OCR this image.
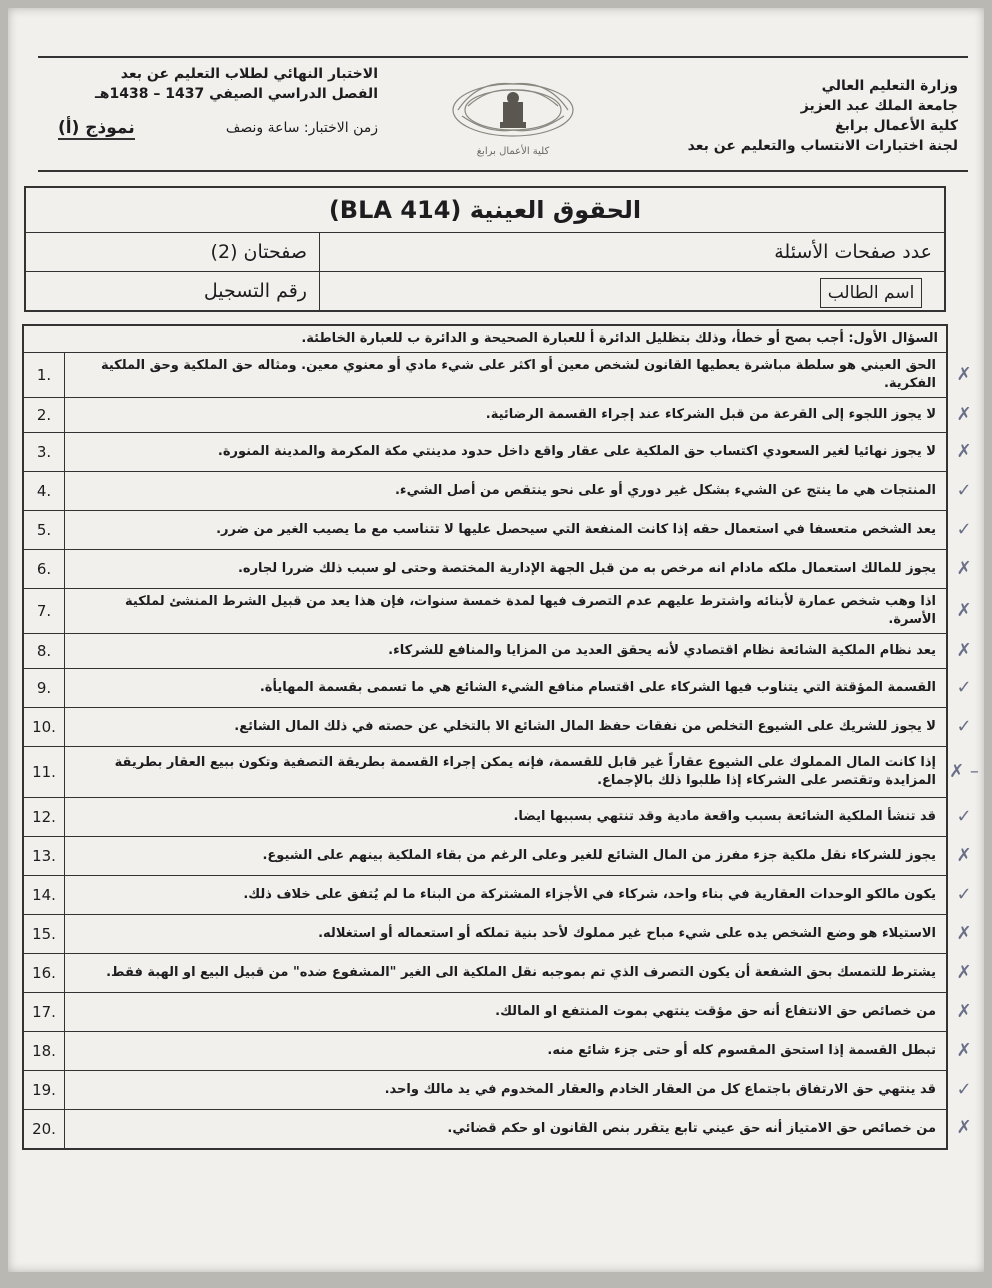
وزارة التعليم العالي
جامعة الملك عبد العزيز
كلية الأعمال برابغ
لجنة اختبارات الانتساب والتعليم عن بعد
كلية الأعمال برابغ
الاختبار النهائي لطلاب التعليم عن بعد
الفصل الدراسي الصيفي 1437 – 1438هـ
زمن الاختبار: ساعة ونصف
نموذج (أ)
الحقوق العينية (BLA 414)
عدد صفحات الأسئلة
صفحتان (2)
اسم الطالب
رقم التسجيل
السؤال الأول: أجب بصح أو خطأ، وذلك بتظليل الدائرة أ للعبارة الصحيحة و الدائرة ب للعبارة الخاطئة.
الحق العيني هو سلطة مباشرة يعطيها القانون لشخص معين أو اكثر على شيء مادي أو معنوي معين. ومثاله حق الملكية وحق الملكية الفكرية.
.1
لا يجوز اللجوء إلى القرعة من قبل الشركاء عند إجراء القسمة الرضائية.
.2
لا يجوز نهائيا لغير السعودي اكتساب حق الملكية على عقار واقع داخل حدود مدينتي مكة المكرمة والمدينة المنورة.
.3
المنتجات هي ما ينتج عن الشيء بشكل غير دوري أو على نحو ينتقص من أصل الشيء.
.4
يعد الشخص متعسفا في استعمال حقه إذا كانت المنفعة التي سيحصل عليها لا تتناسب مع ما يصيب الغير من ضرر.
.5
يجوز للمالك استعمال ملكه مادام انه مرخص به من قبل الجهة الإدارية المختصة وحتى لو سبب ذلك ضررا لجاره.
.6
اذا وهب شخص عمارة لأبنائه واشترط عليهم عدم التصرف فيها لمدة خمسة سنوات، فإن هذا يعد من قبيل الشرط المنشئ لملكية الأسرة.
.7
يعد نظام الملكية الشائعة نظام اقتصادي لأنه يحقق العديد من المزايا والمنافع للشركاء.
.8
القسمة المؤقتة التي يتناوب فيها الشركاء على اقتسام منافع الشيء الشائع هي ما تسمى بقسمة المهايأة.
.9
لا يجوز للشريك على الشيوع التخلص من نفقات حفظ المال الشائع الا بالتخلي عن حصته في ذلك المال الشائع.
.10
إذا كانت المال المملوك على الشيوع عقاراً غير قابل للقسمة، فإنه يمكن إجراء القسمة بطريقة التصفية وتكون ببيع العقار بطريقة المزايدة وتقتصر على الشركاء إذا طلبوا ذلك بالإجماع.
.11
قد تنشأ الملكية الشائعة بسبب واقعة مادية وقد تنتهي بسببها ايضا.
.12
يجوز للشركاء نقل ملكية جزء مفرز من المال الشائع للغير وعلى الرغم من بقاء الملكية بينهم على الشيوع.
.13
يكون مالكو الوحدات العقارية في بناء واحد، شركاء في الأجزاء المشتركة من البناء ما لم يُتفق على خلاف ذلك.
.14
الاستيلاء هو وضع الشخص يده على شيء مباح غير مملوك لأحد بنية تملكه أو استعماله أو استغلاله.
.15
يشترط للتمسك بحق الشفعة أن يكون التصرف الذي تم بموجبه نقل الملكية الى الغير "المشفوع ضده" من قبيل البيع او الهبة فقط.
.16
من خصائص حق الانتفاع أنه حق مؤقت ينتهي بموت المنتفع او المالك.
.17
تبطل القسمة إذا استحق المقسوم كله أو حتى جزء شائع منه.
.18
قد ينتهي حق الارتفاق باجتماع كل من العقار الخادم والعقار المخدوم في يد مالك واحد.
.19
من خصائص حق الامتياز أنه حق عيني تابع يتقرر بنص القانون او حكم قضائي.
.20
✗
✗
✗
✓
✓
✗
✗
✗
✓
✓
✗ –
✓
✗
✓
✗
✗
✗
✗
✓
✗
